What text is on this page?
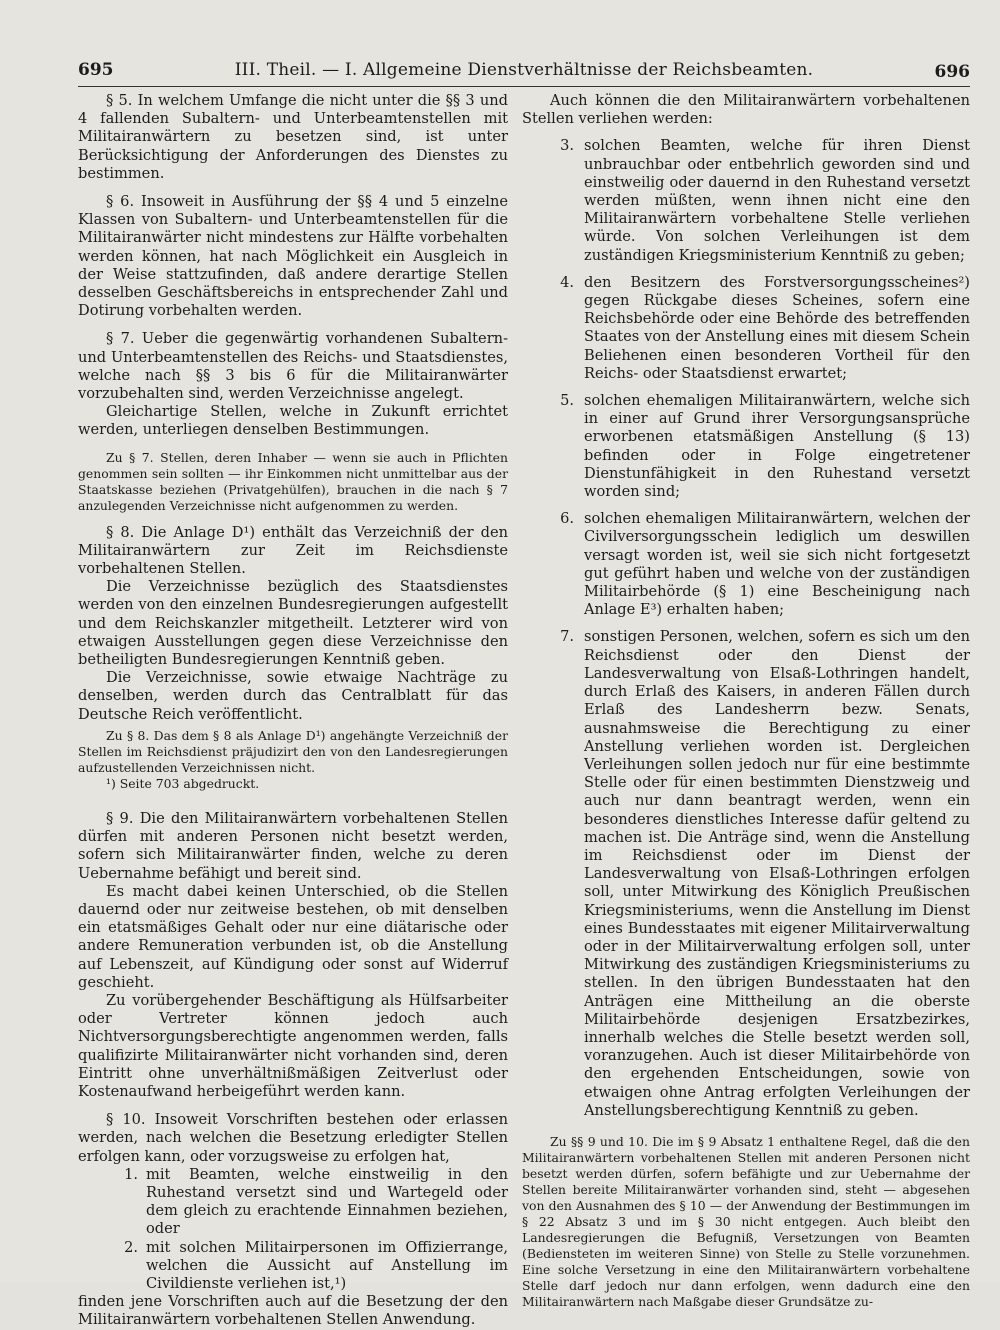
695	III. Theil. — I. Allgemeine Dienstverhältnisse der Reichsbeamten.	696

§ 5. In welchem Umfange die nicht unter die §§ 3 und 4 fallenden Subaltern- und Unterbeamtenstellen mit Militairanwärtern zu besetzen sind, ist unter Berücksichtigung der Anforderungen des Dienstes zu bestimmen.

§ 6. Insoweit in Ausführung der §§ 4 und 5 einzelne Klassen von Subaltern- und Unterbeamtenstellen für die Militairanwärter nicht mindestens zur Hälfte vorbehalten werden können, hat nach Möglichkeit ein Ausgleich in der Weise stattzufinden, daß andere derartige Stellen desselben Geschäftsbereichs in entsprechender Zahl und Dotirung vorbehalten werden.

§ 7. Ueber die gegenwärtig vorhandenen Subaltern- und Unterbeamtenstellen des Reichs- und Staatsdienstes, welche nach §§ 3 bis 6 für die Militairanwärter vorzubehalten sind, werden Verzeichnisse angelegt.

Gleichartige Stellen, welche in Zukunft errichtet werden, unterliegen denselben Bestimmungen.

Zu § 7. Stellen, deren Inhaber — wenn sie auch in Pflichten genommen sein sollten — ihr Einkommen nicht unmittelbar aus der Staatskasse beziehen (Privatgehülfen), brauchen in die nach § 7 anzulegenden Verzeichnisse nicht aufgenommen zu werden.

§ 8. Die Anlage D¹) enthält das Verzeichniß der den Militairanwärtern zur Zeit im Reichsdienste vorbehaltenen Stellen.

Die Verzeichnisse bezüglich des Staatsdienstes werden von den einzelnen Bundesregierungen aufgestellt und dem Reichskanzler mitgetheilt. Letzterer wird von etwaigen Ausstellungen gegen diese Verzeichnisse den betheiligten Bundesregierungen Kenntniß geben.

Die Verzeichnisse, sowie etwaige Nachträge zu denselben, werden durch das Centralblatt für das Deutsche Reich veröffentlicht.

Zu § 8. Das dem § 8 als Anlage D¹) angehängte Verzeichniß der Stellen im Reichsdienst präjudizirt den von den Landesregierungen aufzustellenden Verzeichnissen nicht.

¹) Seite 703 abgedruckt.

§ 9. Die den Militairanwärtern vorbehaltenen Stellen dürfen mit anderen Personen nicht besetzt werden, sofern sich Militairanwärter finden, welche zu deren Uebernahme befähigt und bereit sind.

Es macht dabei keinen Unterschied, ob die Stellen dauernd oder nur zeitweise bestehen, ob mit denselben ein etatsmäßiges Gehalt oder nur eine diätarische oder andere Remuneration verbunden ist, ob die Anstellung auf Lebenszeit, auf Kündigung oder sonst auf Widerruf geschieht.

Zu vorübergehender Beschäftigung als Hülfsarbeiter oder Vertreter können jedoch auch Nichtversorgungsberechtigte angenommen werden, falls qualifizirte Militairanwärter nicht vorhanden sind, deren Eintritt ohne unverhältnißmäßigen Zeitverlust oder Kostenaufwand herbeigeführt werden kann.

§ 10. Insoweit Vorschriften bestehen oder erlassen werden, nach welchen die Besetzung erledigter Stellen erfolgen kann, oder vorzugsweise zu erfolgen hat,

1. mit Beamten, welche einstweilig in den Ruhestand versetzt sind und Wartegeld oder dem gleich zu erachtende Einnahmen beziehen, oder
2. mit solchen Militairpersonen im Offizierrange, welchen die Aussicht auf Anstellung im Civildienste verliehen ist,¹)

finden jene Vorschriften auch auf die Besetzung der den Militairanwärtern vorbehaltenen Stellen Anwendung.

Auch können die den Militairanwärtern vorbehaltenen Stellen verliehen werden:

3. solchen Beamten, welche für ihren Dienst unbrauchbar oder entbehrlich geworden sind und einstweilig oder dauernd in den Ruhestand versetzt werden müßten, wenn ihnen nicht eine den Militairanwärtern vorbehaltene Stelle verliehen würde. Von solchen Verleihungen ist dem zuständigen Kriegsministerium Kenntniß zu geben;
4. den Besitzern des Forstversorgungsscheines²) gegen Rückgabe dieses Scheines, sofern eine Reichsbehörde oder eine Behörde des betreffenden Staates von der Anstellung eines mit diesem Schein Beliehenen einen besonderen Vortheil für den Reichs- oder Staatsdienst erwartet;
5. solchen ehemaligen Militairanwärtern, welche sich in einer auf Grund ihrer Versorgungsansprüche erworbenen etatsmäßigen Anstellung (§ 13) befinden oder in Folge eingetretener Dienstunfähigkeit in den Ruhestand versetzt worden sind;
6. solchen ehemaligen Militairanwärtern, welchen der Civilversorgungsschein lediglich um deswillen versagt worden ist, weil sie sich nicht fortgesetzt gut geführt haben und welche von der zuständigen Militairbehörde (§ 1) eine Bescheinigung nach Anlage E³) erhalten haben;
7. sonstigen Personen, welchen, sofern es sich um den Reichsdienst oder den Dienst der Landesverwaltung von Elsaß-Lothringen handelt, durch Erlaß des Kaisers, in anderen Fällen durch Erlaß des Landesherrn bezw. Senats, ausnahmsweise die Berechtigung zu einer Anstellung verliehen worden ist. Dergleichen Verleihungen sollen jedoch nur für eine bestimmte Stelle oder für einen bestimmten Dienstzweig und auch nur dann beantragt werden, wenn ein besonderes dienstliches Interesse dafür geltend zu machen ist. Die Anträge sind, wenn die Anstellung im Reichsdienst oder im Dienst der Landesverwaltung von Elsaß-Lothringen erfolgen soll, unter Mitwirkung des Königlich Preußischen Kriegsministeriums, wenn die Anstellung im Dienst eines Bundesstaates mit eigener Militairverwaltung oder in der Militairverwaltung erfolgen soll, unter Mitwirkung des zuständigen Kriegsministeriums zu stellen. In den übrigen Bundesstaaten hat den Anträgen eine Mittheilung an die oberste Militairbehörde desjenigen Ersatzbezirkes, innerhalb welches die Stelle besetzt werden soll, voranzugehen. Auch ist dieser Militairbehörde von den ergehenden Entscheidungen, sowie von etwaigen ohne Antrag erfolgten Verleihungen der Anstellungsberechtigung Kenntniß zu geben.

Zu §§ 9 und 10. Die im § 9 Absatz 1 enthaltene Regel, daß die den Militairanwärtern vorbehaltenen Stellen mit anderen Personen nicht besetzt werden dürfen, sofern befähigte und zur Uebernahme der Stellen bereite Militairanwärter vorhanden sind, steht — abgesehen von den Ausnahmen des § 10 — der Anwendung der Bestimmungen im § 22 Absatz 3 und im § 30 nicht entgegen. Auch bleibt den Landesregierungen die Befugniß, Versetzungen von Beamten (Bediensteten im weiteren Sinne) von Stelle zu Stelle vorzunehmen. Eine solche Versetzung in eine den Militairanwärtern vorbehaltene Stelle darf jedoch nur dann erfolgen, wenn dadurch eine den Militairanwärtern nach Maßgabe dieser Grundsätze zu-
